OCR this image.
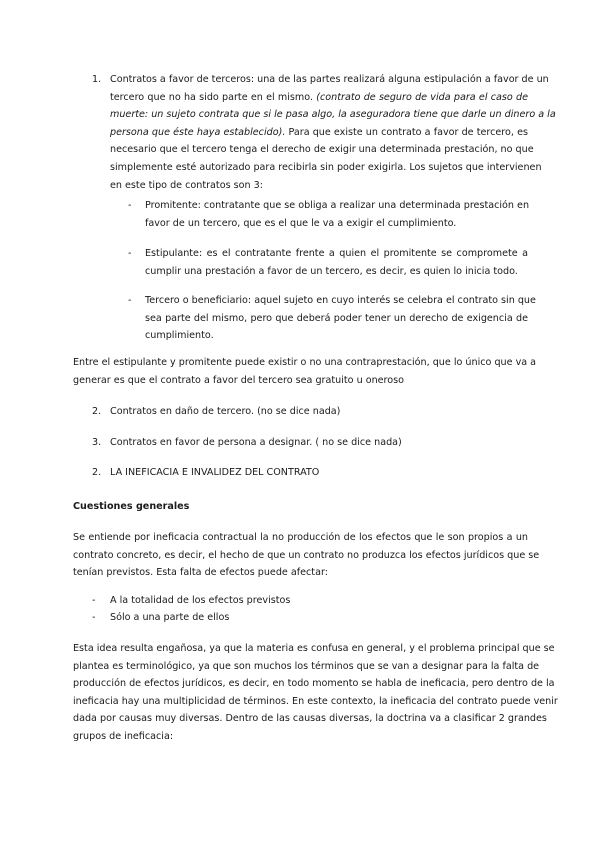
1. Contratos a favor de terceros: una de las partes realizará alguna estipulación a favor de un
tercero que no ha sido parte en el mismo. (contrato de seguro de vida para el caso de
muerte: un sujeto contrata que si le pasa algo, la aseguradora tiene que darle un dinero a la
persona que éste haya establecido). Para que existe un contrato a favor de tercero, es
necesario que el tercero tenga el derecho de exigir una determinada prestación, no que
simplemente esté autorizado para recibirla sin poder exigirla. Los sujetos que intervienen
en este tipo de contratos son 3:
- Promitente: contratante que se obliga a realizar una determinada prestación en
favor de un tercero, que es el que le va a exigir el cumplimiento.
- Estipulante: es el contratante frente a quien el promitente se compromete a
cumplir una prestación a favor de un tercero, es decir, es quien lo inicia todo.
- Tercero o beneficiario: aquel sujeto en cuyo interés se celebra el contrato sin que
sea parte del mismo, pero que deberá poder tener un derecho de exigencia de
cumplimiento.
Entre el estipulante y promitente puede existir o no una contraprestación, que lo único que va a
generar es que el contrato a favor del tercero sea gratuito u oneroso
2. Contratos en daño de tercero. (no se dice nada)
3. Contratos en favor de persona a designar. ( no se dice nada)
2. LA INEFICACIA E INVALIDEZ DEL CONTRATO
Cuestiones generales
Se entiende por ineficacia contractual la no producción de los efectos que le son propios a un
contrato concreto, es decir, el hecho de que un contrato no produzca los efectos jurídicos que se
tenían previstos. Esta falta de efectos puede afectar:
- A la totalidad de los efectos previstos
- Sólo a una parte de ellos
Esta idea resulta engañosa, ya que la materia es confusa en general, y el problema principal que se
plantea es terminológico, ya que son muchos los términos que se van a designar para la falta de
producción de efectos jurídicos, es decir, en todo momento se habla de ineficacia, pero dentro de la
ineficacia hay una multiplicidad de términos. En este contexto, la ineficacia del contrato puede venir
dada por causas muy diversas. Dentro de las causas diversas, la doctrina va a clasificar 2 grandes
grupos de ineficacia:
